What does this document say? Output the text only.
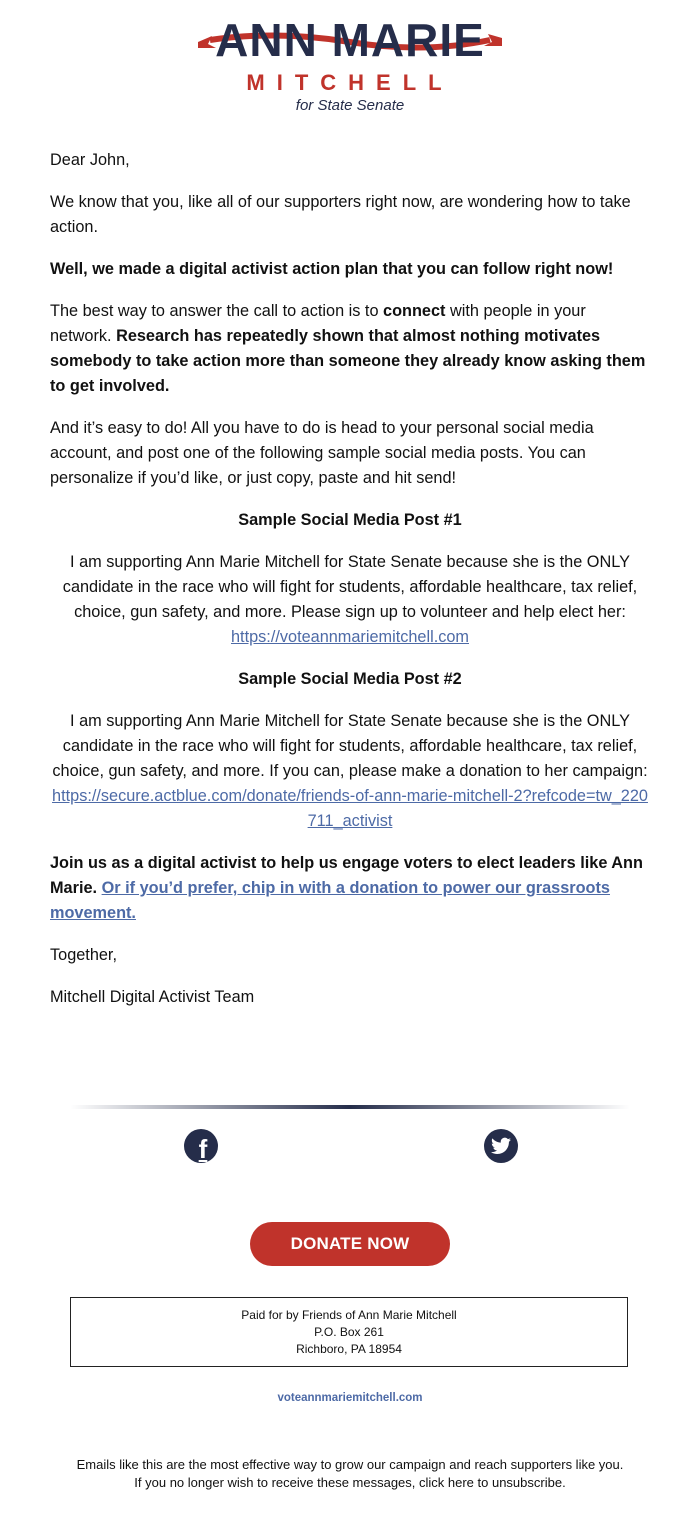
ANN MARIE
MITCHELL
for State Senate

Dear John,

We know that you, like all of our supporters right now, are wondering how to take action.

Well, we made a digital activist action plan that you can follow right now!

The best way to answer the call to action is to connect with people in your network. Research has repeatedly shown that almost nothing motivates somebody to take action more than someone they already know asking them to get involved.

And it’s easy to do! All you have to do is head to your personal social media account, and post one of the following sample social media posts. You can personalize if you’d like, or just copy, paste and hit send!

Sample Social Media Post #1

I am supporting Ann Marie Mitchell for State Senate because she is the ONLY candidate in the race who will fight for students, affordable healthcare, tax relief, choice, gun safety, and more. Please sign up to volunteer and help elect her: https://voteannmariemitchell.com

Sample Social Media Post #2

I am supporting Ann Marie Mitchell for State Senate because she is the ONLY candidate in the race who will fight for students, affordable healthcare, tax relief, choice, gun safety, and more. If you can, please make a donation to her campaign: https://secure.actblue.com/donate/friends-of-ann-marie-mitchell-2?refcode=tw_220711_activist

Join us as a digital activist to help us engage voters to elect leaders like Ann Marie. Or if you’d prefer, chip in with a donation to power our grassroots movement.

Together,

Mitchell Digital Activist Team

f
DONATE NOW
Paid for by Friends of Ann Marie Mitchell
P.O. Box 261
Richboro, PA 18954
voteannmariemitchell.com
Emails like this are the most effective way to grow our campaign and reach supporters like you.
If you no longer wish to receive these messages, click here to unsubscribe.
